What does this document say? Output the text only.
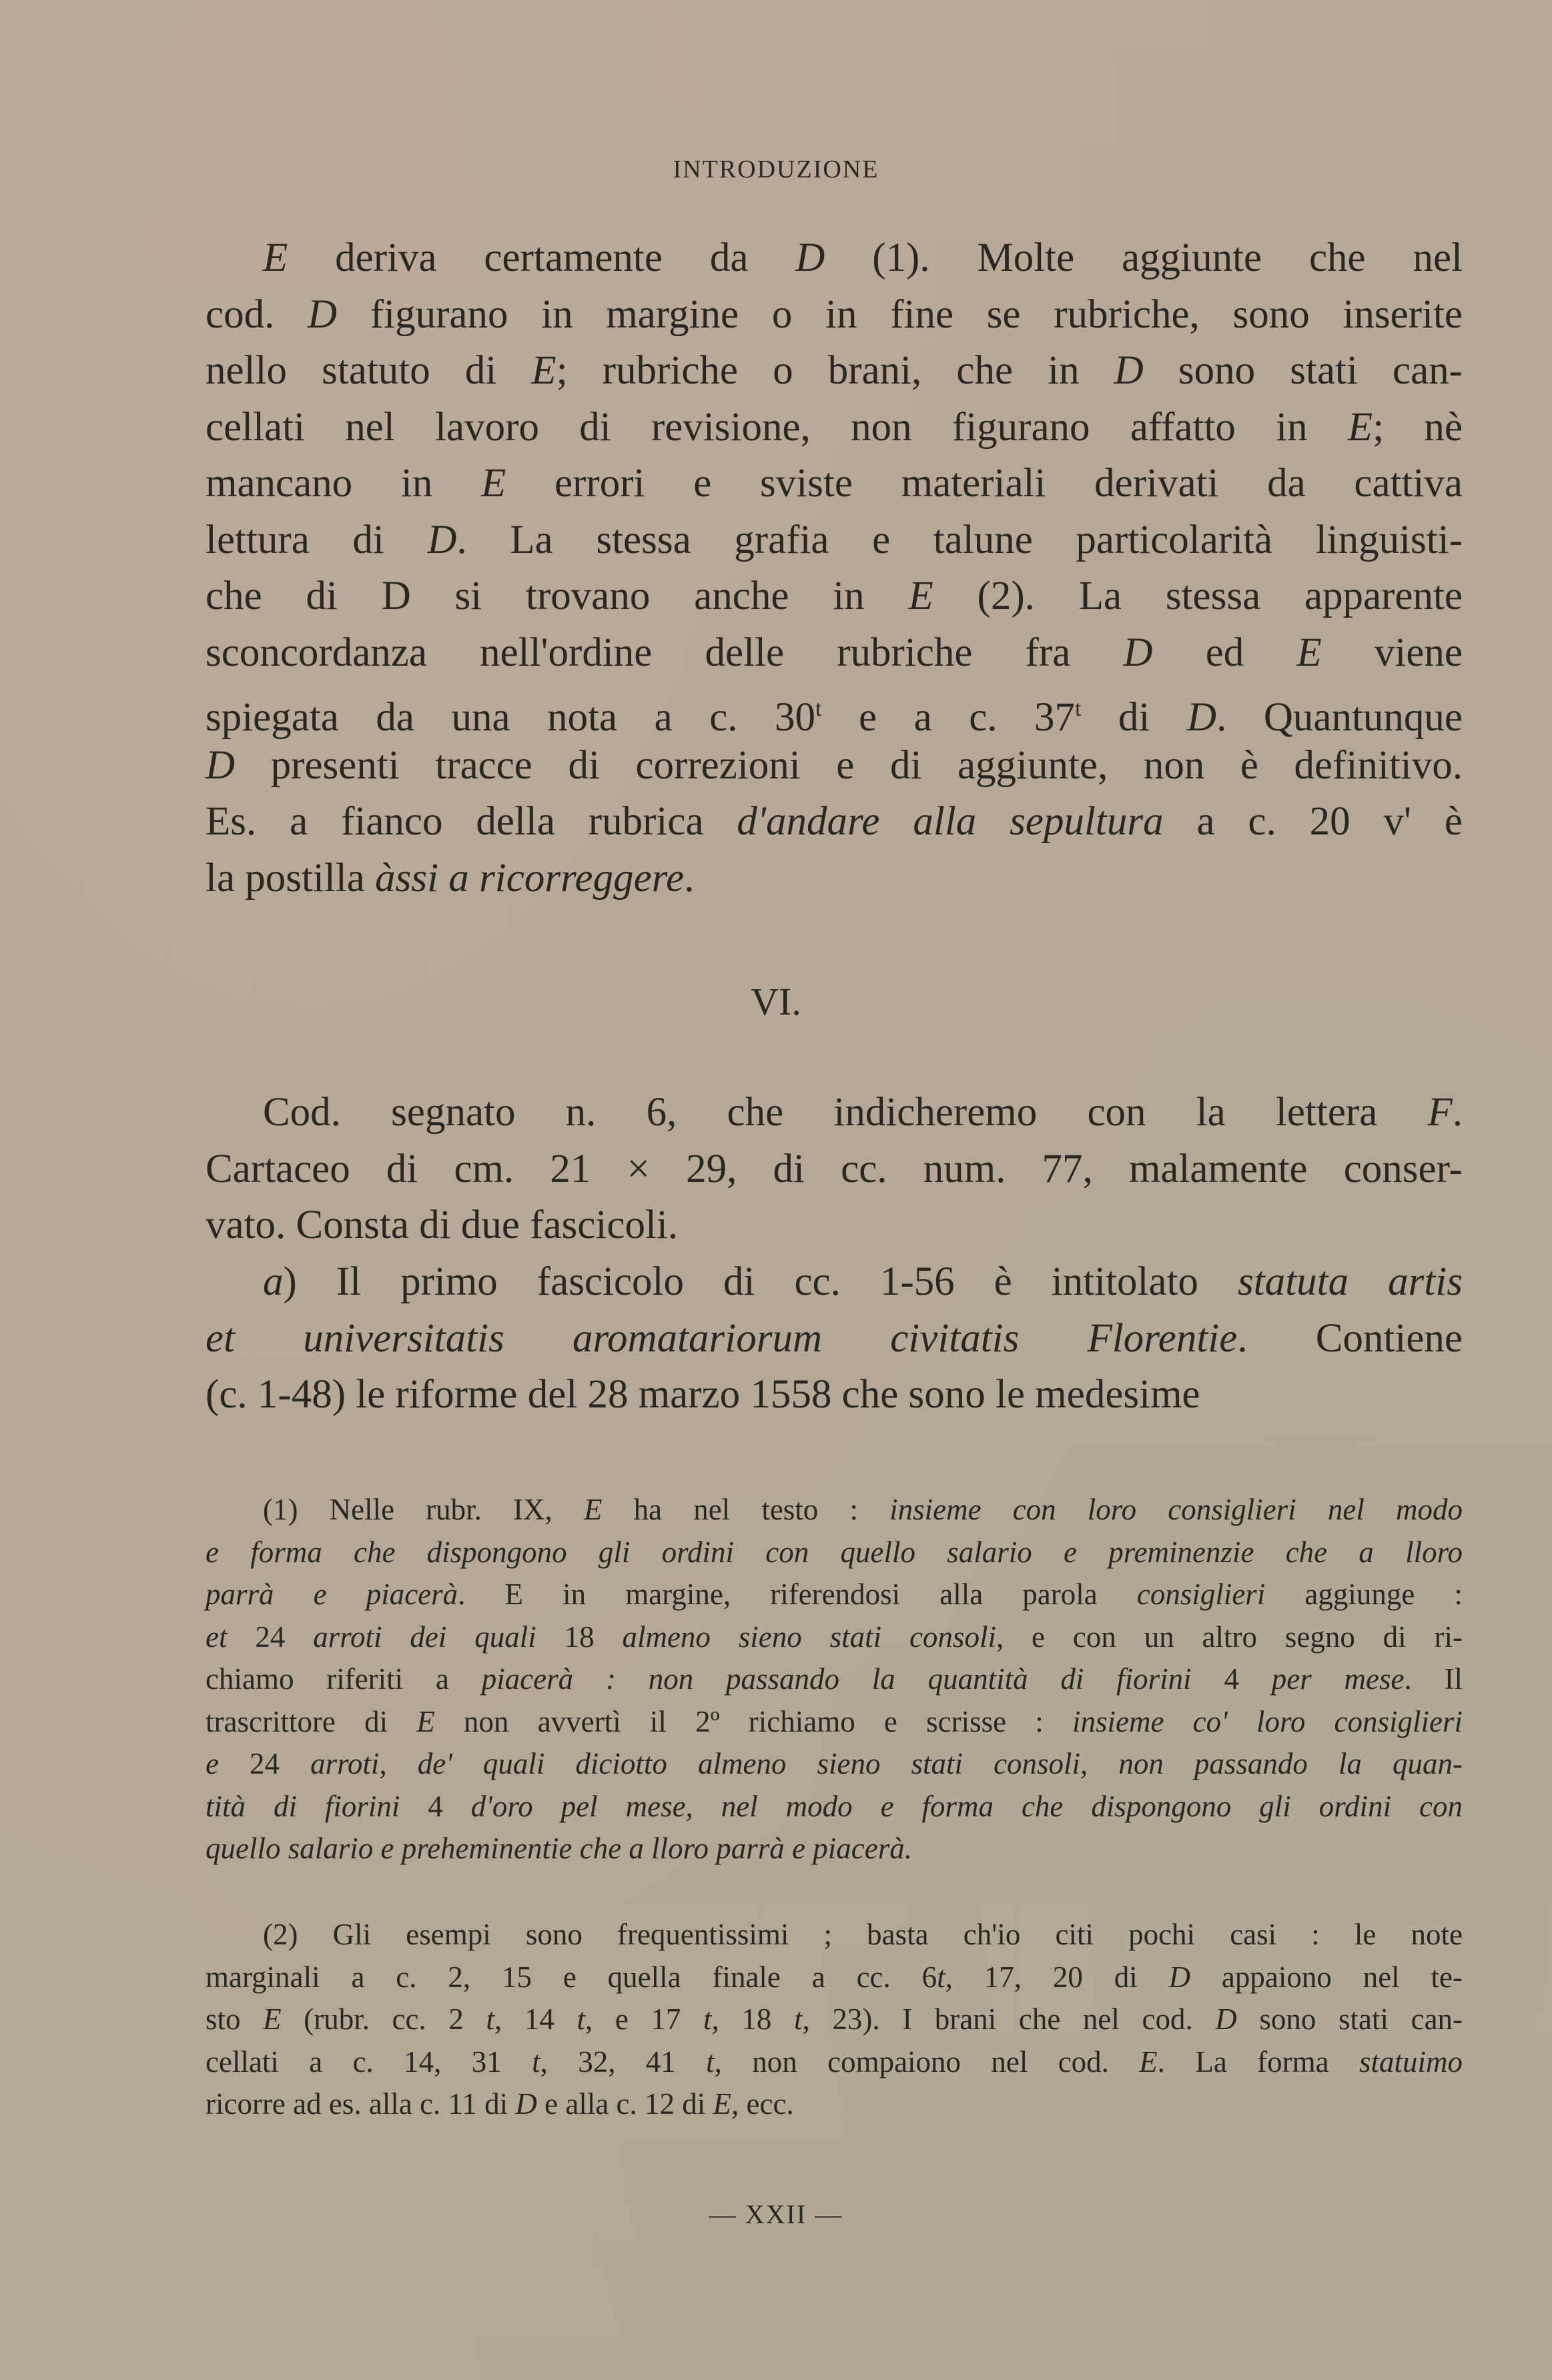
INTRODUZIONE
E deriva certamente da D (1). Molte aggiunte che nel
cod. D figurano in margine o in fine se rubriche, sono inserite
nello statuto di E; rubriche o brani, che in D sono stati can-
cellati nel lavoro di revisione, non figurano affatto in E; nè
mancano in E errori e sviste materiali derivati da cattiva
lettura di D. La stessa grafia e talune particolarità linguisti-
che di D si trovano anche in E (2). La stessa apparente
sconcordanza nell'ordine delle rubriche fra D ed E viene
spiegata da una nota a c. 30$^t$ e a c. 37$^t$ di D. Quantunque
D presenti tracce di correzioni e di aggiunte, non è definitivo.
Es. a fianco della rubrica d'andare alla sepultura a c. 20 v' è
la postilla àssi a ricorreggere.
VI.
Cod. segnato n. 6, che indicheremo con la lettera F.
Cartaceo di cm. 21 × 29, di cc. num. 77, malamente conser-
vato. Consta di due fascicoli.
a) Il primo fascicolo di cc. 1-56 è intitolato statuta artis
et universitatis aromatariorum civitatis Florentie. Contiene
(c. 1-48) le riforme del 28 marzo 1558 che sono le medesime
(1) Nelle rubr. IX, E ha nel testo : insieme con loro consiglieri nel modo
e forma che dispongono gli ordini con quello salario e preminenzie che a lloro
parrà e piacerà. E in margine, riferendosi alla parola consiglieri aggiunge :
et 24 arroti dei quali 18 almeno sieno stati consoli, e con un altro segno di ri-
chiamo riferiti a piacerà : non passando la quantità di fiorini 4 per mese. Il
trascrittore di E non avvertì il 2º richiamo e scrisse : insieme co' loro consiglieri
e 24 arroti, de' quali diciotto almeno sieno stati consoli, non passando la quan-
tità di fiorini 4 d'oro pel mese, nel modo e forma che dispongono gli ordini con
quello salario e preheminentie che a lloro parrà e piacerà.
(2) Gli esempi sono frequentissimi ; basta ch'io citi pochi casi : le note
marginali a c. 2, 15 e quella finale a cc. 6t, 17, 20 di D appaiono nel te-
sto E (rubr. cc. 2 t, 14 t, e 17 t, 18 t, 23). I brani che nel cod. D sono stati can-
cellati a c. 14, 31 t, 32, 41 t, non compaiono nel cod. E. La forma statuimo
ricorre ad es. alla c. 11 di D e alla c. 12 di E, ecc.
— XXII —
